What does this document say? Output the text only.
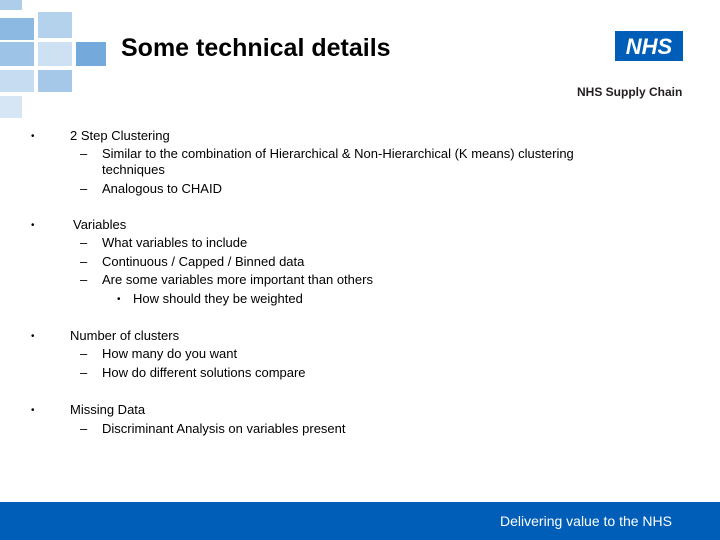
Some technical details	NHS
NHS Supply Chain
•	2 Step Clustering
– Similar to the combination of Hierarchical & Non-Hierarchical (K means) clustering
techniques
– Analogous to CHAID
•	Variables
– What variables to include
– Continuous / Capped / Binned data
– Are some variables more important than others
• How should they be weighted
•	Number of clusters
– How many do you want
– How do different solutions compare
•	Missing Data
– Discriminant Analysis on variables present
Delivering value to the NHS
